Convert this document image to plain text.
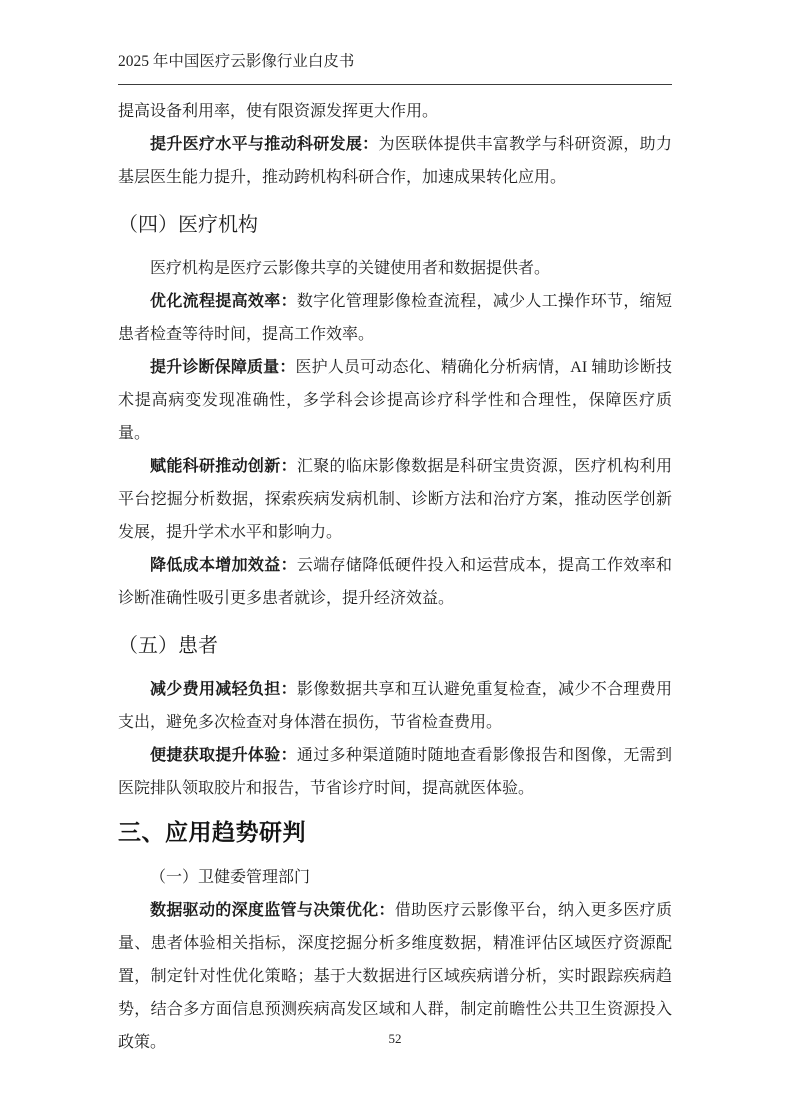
2025 年中国医疗云影像行业白皮书

提高设备利用率，使有限资源发挥更大作用。

提升医疗水平与推动科研发展：为医联体提供丰富教学与科研资源，助力基层医生能力提升，推动跨机构科研合作，加速成果转化应用。

（四）医疗机构

医疗机构是医疗云影像共享的关键使用者和数据提供者。

优化流程提高效率：数字化管理影像检查流程，减少人工操作环节，缩短患者检查等待时间，提高工作效率。

提升诊断保障质量：医护人员可动态化、精确化分析病情，AI 辅助诊断技术提高病变发现准确性，多学科会诊提高诊疗科学性和合理性，保障医疗质量。

赋能科研推动创新：汇聚的临床影像数据是科研宝贵资源，医疗机构利用平台挖掘分析数据，探索疾病发病机制、诊断方法和治疗方案，推动医学创新发展，提升学术水平和影响力。

降低成本增加效益：云端存储降低硬件投入和运营成本，提高工作效率和诊断准确性吸引更多患者就诊，提升经济效益。

（五）患者

减少费用减轻负担：影像数据共享和互认避免重复检查，减少不合理费用支出，避免多次检查对身体潜在损伤，节省检查费用。

便捷获取提升体验：通过多种渠道随时随地查看影像报告和图像，无需到医院排队领取胶片和报告，节省诊疗时间，提高就医体验。

三、应用趋势研判

（一）卫健委管理部门

数据驱动的深度监管与决策优化：借助医疗云影像平台，纳入更多医疗质量、患者体验相关指标，深度挖掘分析多维度数据，精准评估区域医疗资源配置，制定针对性优化策略；基于大数据进行区域疾病谱分析，实时跟踪疾病趋势，结合多方面信息预测疾病高发区域和人群，制定前瞻性公共卫生资源投入政策。	52
